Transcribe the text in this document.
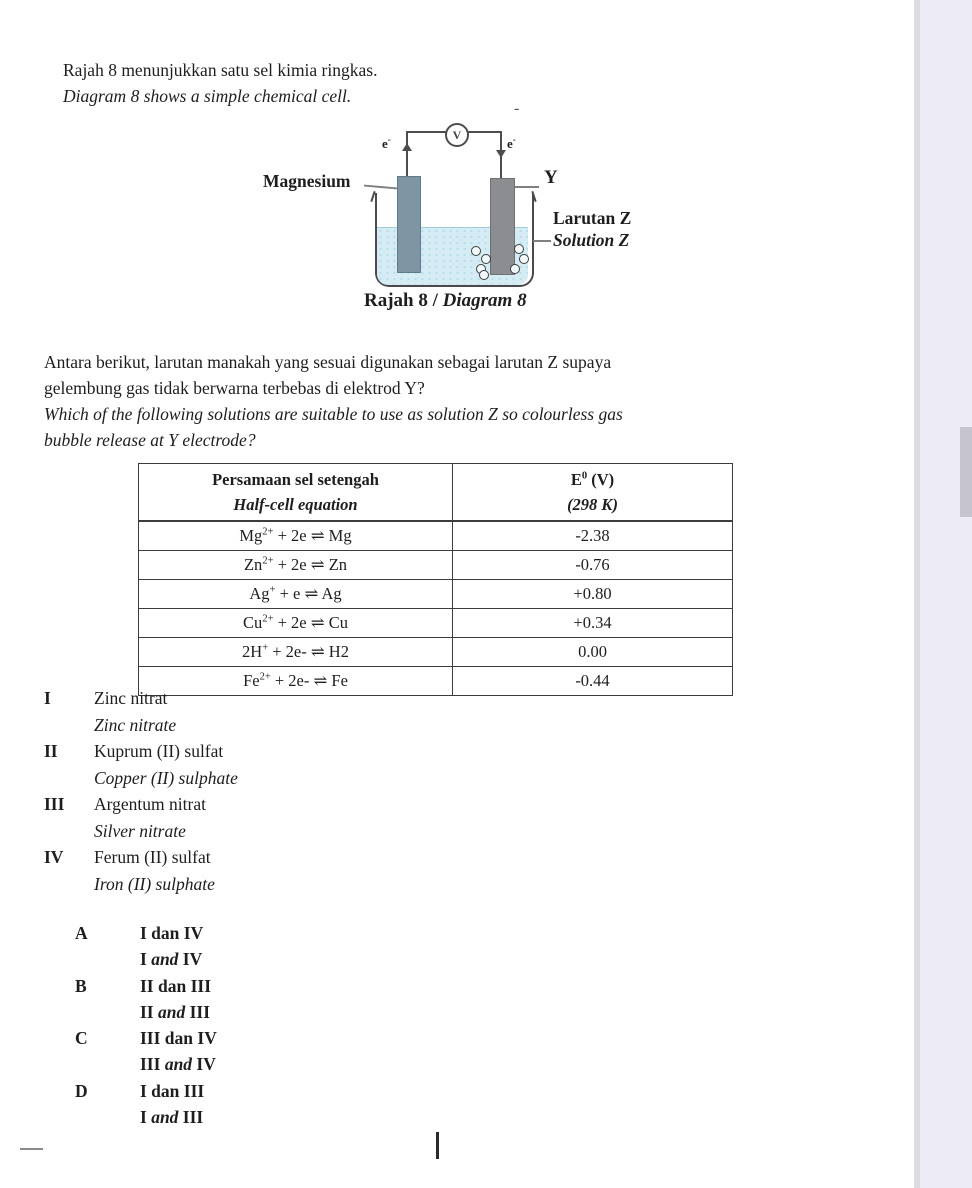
Rajah 8 menunjukkan satu sel kimia ringkas.
Diagram 8 shows a simple chemical cell.
V
e-	e-
-
Magnesium	Y
Larutan Z
Solution Z
Rajah 8 / Diagram 8
Antara berikut, larutan manakah yang sesuai digunakan sebagai larutan Z supaya
gelembung gas tidak berwarna terbebas di elektrod Y?
Which of the following solutions are suitable to use as solution Z so colourless gas
bubble release at Y electrode?
Persamaan sel setengah
Half-cell equation

$E^0$ (V)
(298 K)

$Mg^{2+} + 2e$ ⇌ Mg	-2.38
$Zn^{2+} + 2e$ ⇌ Zn	-0.76
Ag+ + e ⇌ Ag	+0.80
$Cu^{2+} + 2e$ ⇌ Cu	+0.34
2H+ + 2e- ⇌ H2	0.00
$Fe^{2+} + 2e-$ ⇌ Fe	-0.44
I	Zinc nitrat
Zinc nitrate
II	Kuprum (II) sulfat
Copper (II) sulphate
III	Argentum nitrat
Silver nitrate
IV	Ferum (II) sulfat
Iron (II) sulphate
A	I dan IV
I and IV
B	II dan III
II and III
C	III dan IV
III and IV
D	I dan III
I and III
